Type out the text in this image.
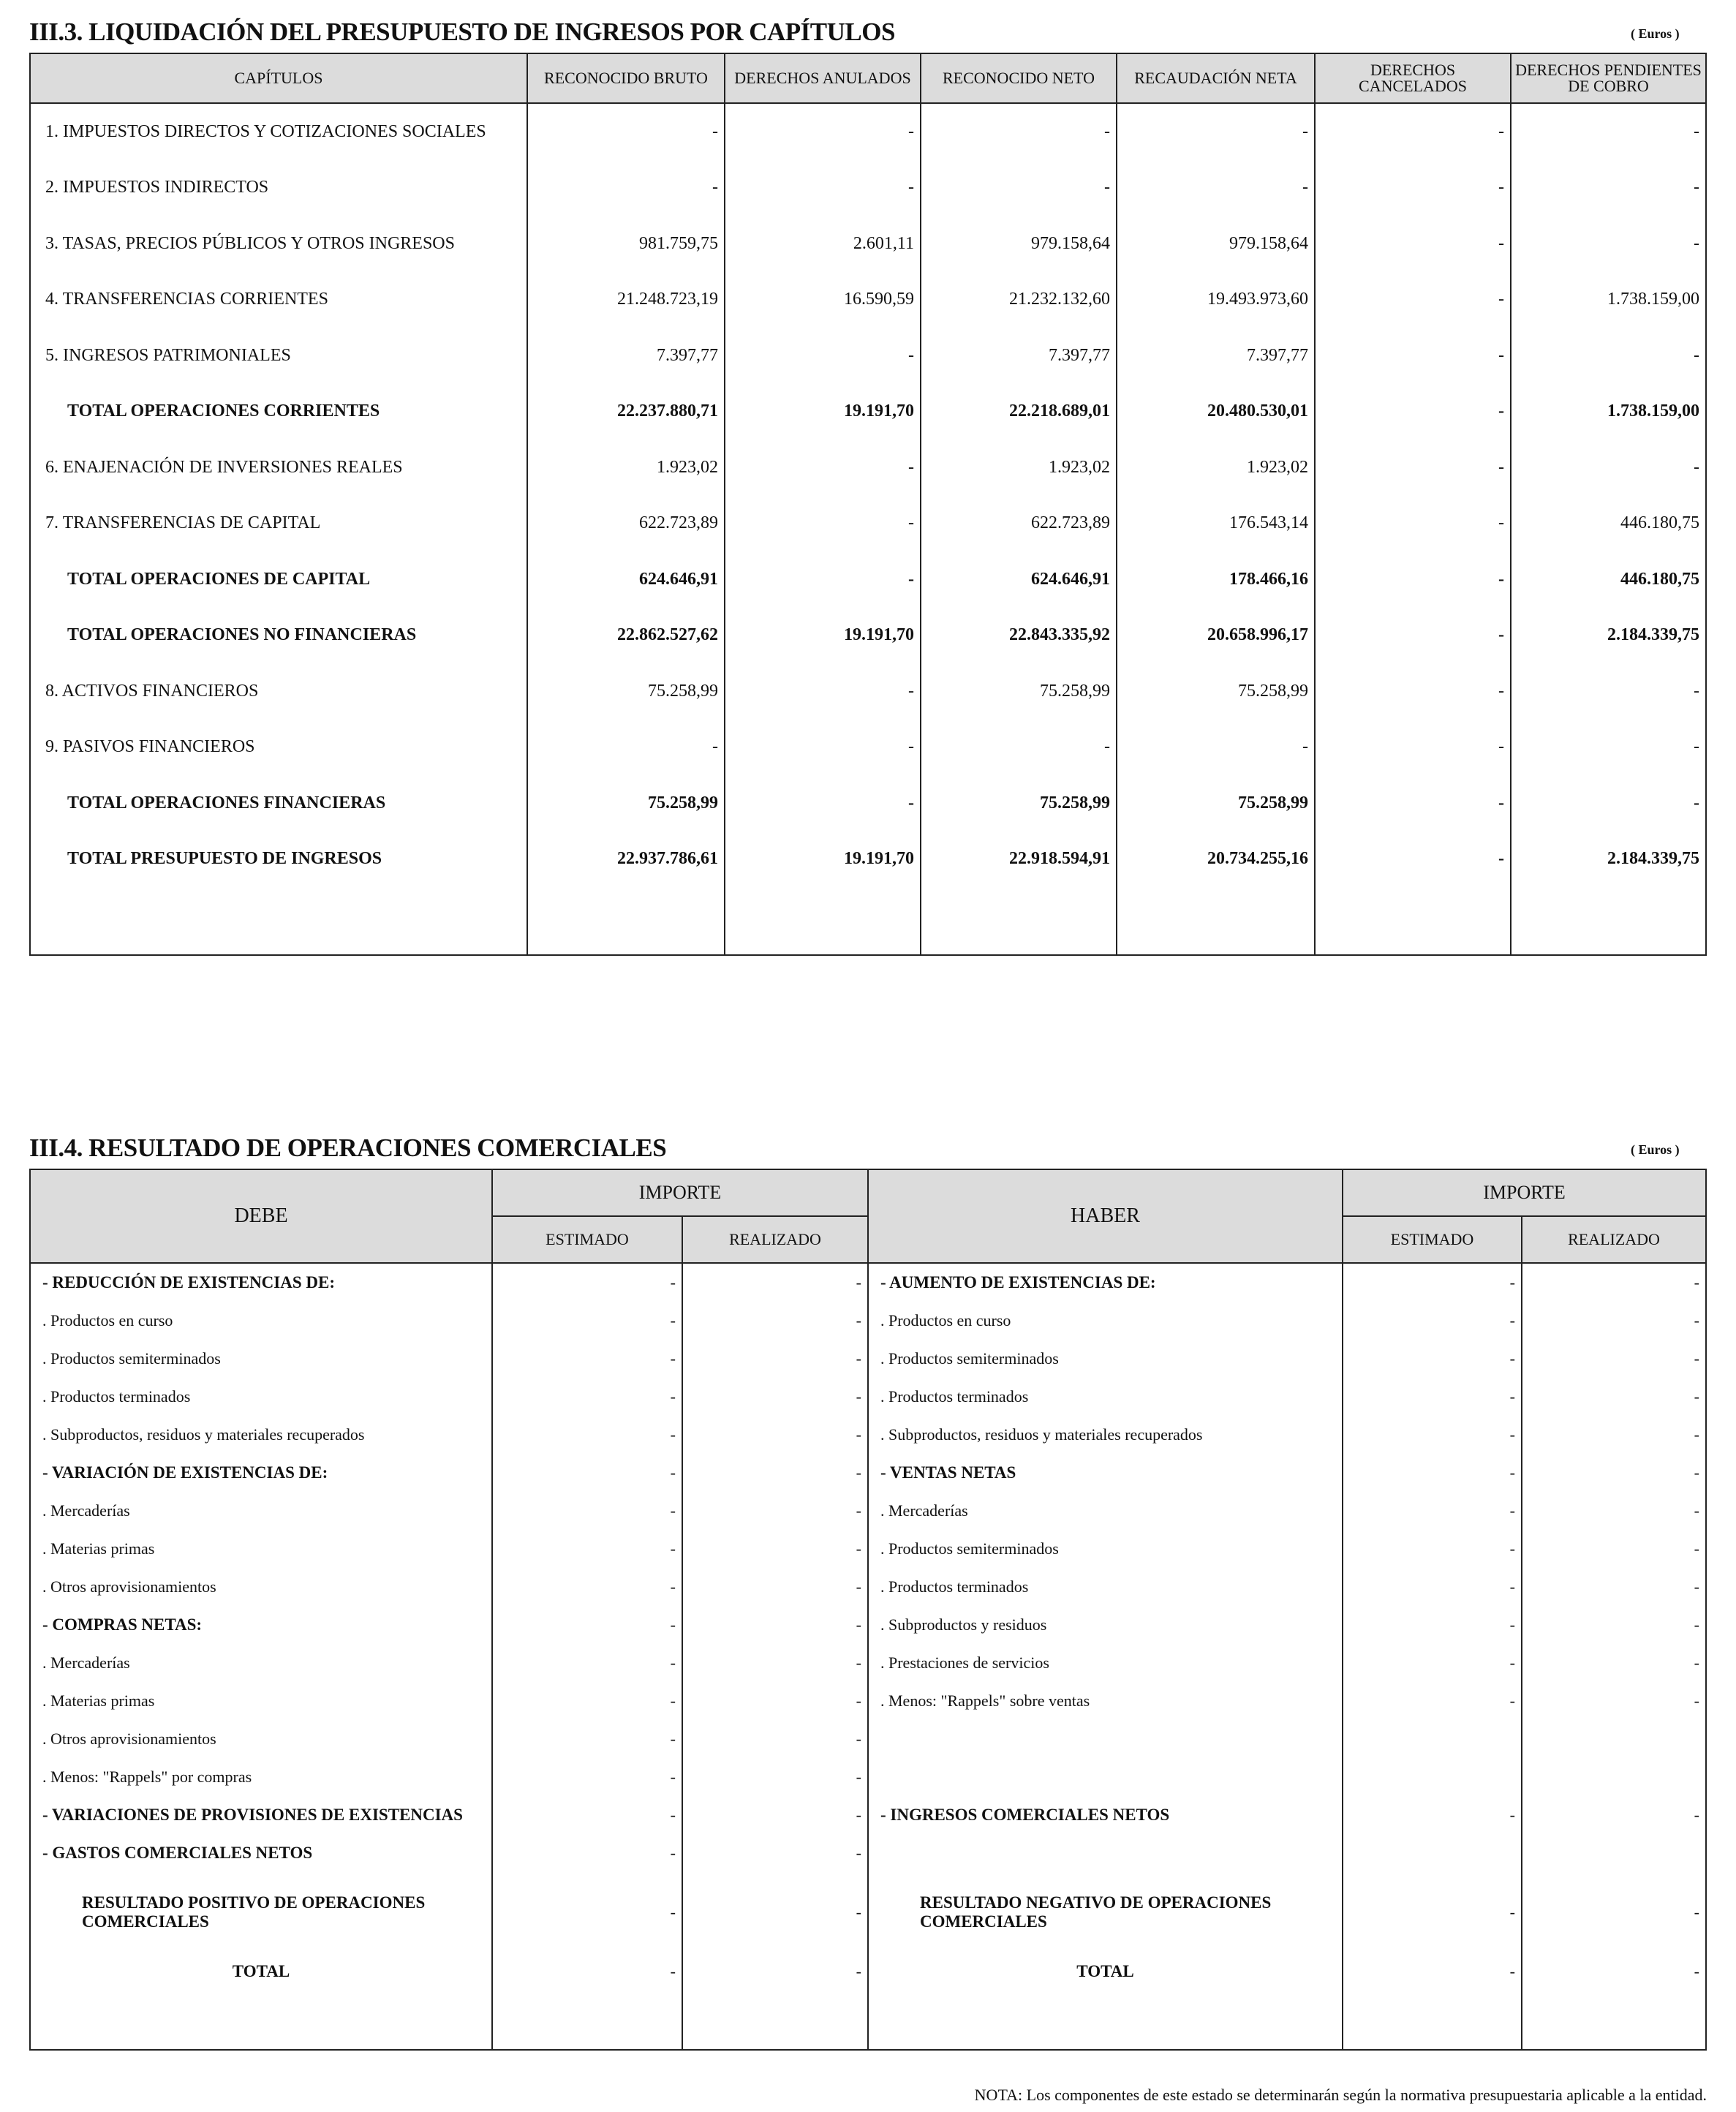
III.3. LIQUIDACIÓN DEL PRESUPUESTO DE INGRESOS POR CAPÍTULOS	( Euros )
CAPÍTULOS	RECONOCIDO BRUTO	DERECHOS ANULADOS	RECONOCIDO NETO	RECAUDACIÓN NETA	DERECHOS CANCELADOS	DERECHOS PENDIENTES DE COBRO
1. IMPUESTOS DIRECTOS Y COTIZACIONES SOCIALES	-	-	-	-	-	-
2. IMPUESTOS INDIRECTOS	-	-	-	-	-	-
3. TASAS, PRECIOS PÚBLICOS Y OTROS INGRESOS	981.759,75	2.601,11	979.158,64	979.158,64	-	-
4. TRANSFERENCIAS CORRIENTES	21.248.723,19	16.590,59	21.232.132,60	19.493.973,60	-	1.738.159,00
5. INGRESOS PATRIMONIALES	7.397,77	-	7.397,77	7.397,77	-	-
TOTAL OPERACIONES CORRIENTES	22.237.880,71	19.191,70	22.218.689,01	20.480.530,01	-	1.738.159,00
6. ENAJENACIÓN DE INVERSIONES REALES	1.923,02	-	1.923,02	1.923,02	-	-
7. TRANSFERENCIAS DE CAPITAL	622.723,89	-	622.723,89	176.543,14	-	446.180,75
TOTAL OPERACIONES DE CAPITAL	624.646,91	-	624.646,91	178.466,16	-	446.180,75
TOTAL OPERACIONES NO FINANCIERAS	22.862.527,62	19.191,70	22.843.335,92	20.658.996,17	-	2.184.339,75
8. ACTIVOS FINANCIEROS	75.258,99	-	75.258,99	75.258,99	-	-
9. PASIVOS FINANCIEROS	-	-	-	-	-	-
TOTAL OPERACIONES FINANCIERAS	75.258,99	-	75.258,99	75.258,99	-	-
TOTAL PRESUPUESTO DE INGRESOS	22.937.786,61	19.191,70	22.918.594,91	20.734.255,16	-	2.184.339,75

III.4. RESULTADO DE OPERACIONES COMERCIALES	( Euros )
DEBE	IMPORTE		HABER	IMPORTE	
	ESTIMADO	REALIZADO		ESTIMADO	REALIZADO
- REDUCCIÓN DE EXISTENCIAS DE:	-	-	- AUMENTO DE EXISTENCIAS DE:	-	-
. Productos en curso	-	-	. Productos en curso	-	-
. Productos semiterminados	-	-	. Productos semiterminados	-	-
. Productos terminados	-	-	. Productos terminados	-	-
. Subproductos, residuos y materiales recuperados	-	-	. Subproductos, residuos y materiales recuperados	-	-
- VARIACIÓN DE EXISTENCIAS DE:	-	-	- VENTAS NETAS	-	-
. Mercaderías	-	-	. Mercaderías	-	-
. Materias primas	-	-	. Productos semiterminados	-	-
. Otros aprovisionamientos	-	-	. Productos terminados	-	-
- COMPRAS NETAS:	-	-	. Subproductos y residuos	-	-
. Mercaderías	-	-	. Prestaciones de servicios	-	-
. Materias primas	-	-	. Menos: "Rappels" sobre ventas	-	-
. Otros aprovisionamientos	-	-			
. Menos: "Rappels" por compras	-	-			
- VARIACIONES DE PROVISIONES DE EXISTENCIAS	-	-	- INGRESOS COMERCIALES NETOS	-	-
- GASTOS COMERCIALES NETOS	-	-			
RESULTADO POSITIVO DE OPERACIONES COMERCIALES	-	-	RESULTADO NEGATIVO DE OPERACIONES COMERCIALES	-	-
TOTAL	-	-	TOTAL	-	-

NOTA: Los componentes de este estado se determinarán según la normativa presupuestaria aplicable a la entidad.
